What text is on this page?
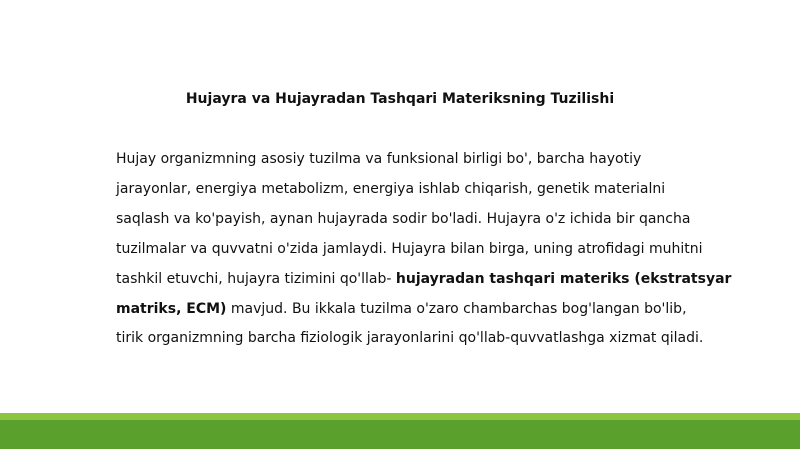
Hujayra va Hujayradan Tashqari Materiksning Tuzilishi
Hujay organizmning asosiy tuzilma va funksional birligi bo', barcha hayotiy
jarayonlar, energiya metabolizm, energiya ishlab chiqarish, genetik materialni
saqlash va ko'payish, aynan hujayrada sodir bo'ladi. Hujayra o'z ichida bir qancha
tuzilmalar va quvvatni o'zida jamlaydi. Hujayra bilan birga, uning atrofidagi muhitni
tashkil etuvchi, hujayra tizimini qo'llab- hujayradan tashqari materiks (ekstratsyar
matriks, ECM) mavjud. Bu ikkala tuzilma o'zaro chambarchas bog'langan bo'lib,
tirik organizmning barcha fiziologik jarayonlarini qo'llab-quvvatlashga xizmat qiladi.
